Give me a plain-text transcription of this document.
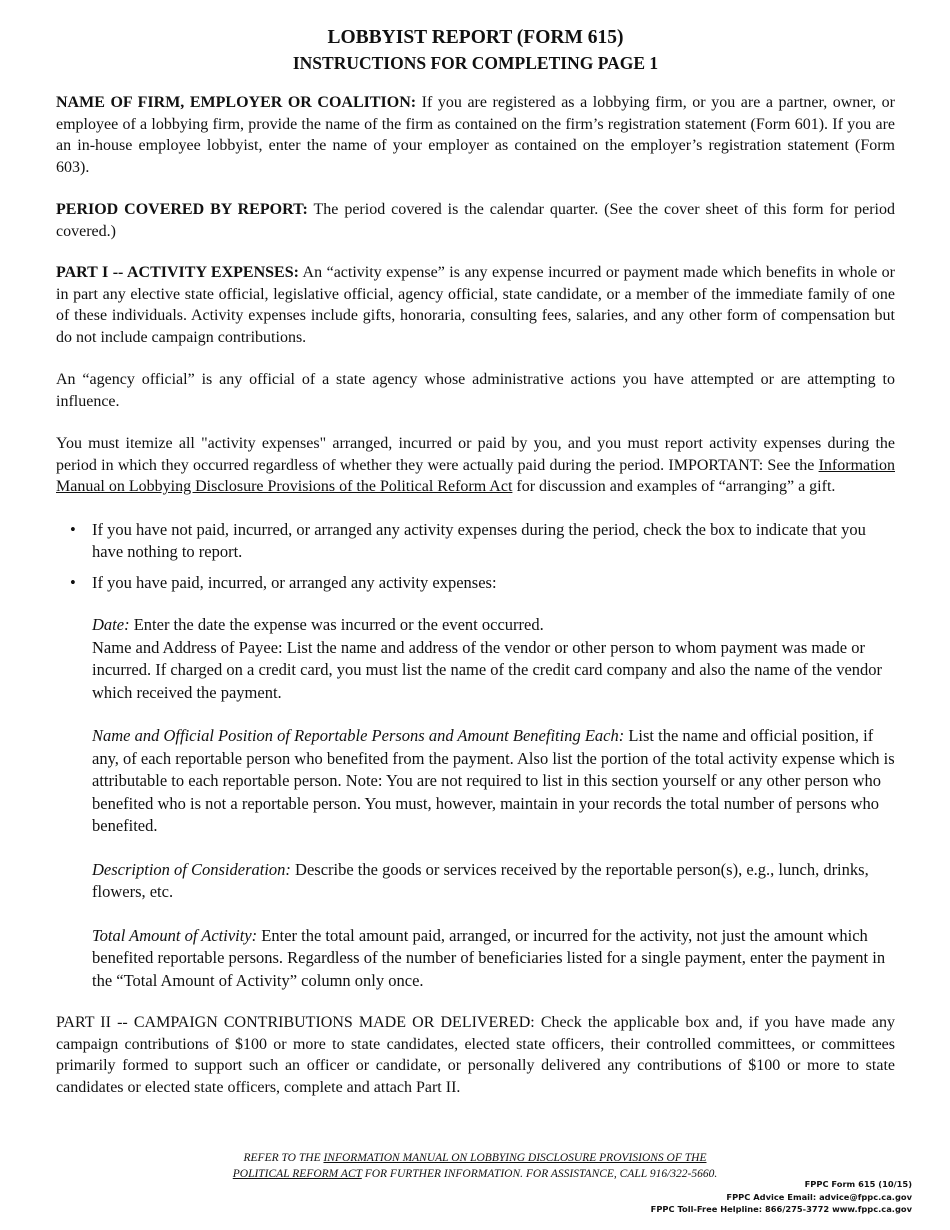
LOBBYIST REPORT (FORM 615)
INSTRUCTIONS FOR COMPLETING PAGE 1

NAME OF FIRM, EMPLOYER OR COALITION: If you are registered as a lobbying firm, or you are a partner, owner, or employee of a lobbying firm, provide the name of the firm as contained on the firm’s registration statement (Form 601). If you are an in-house employee lobbyist, enter the name of your employer as contained on the employer’s registration statement (Form 603).

PERIOD COVERED BY REPORT: The period covered is the calendar quarter. (See the cover sheet of this form for period covered.)

PART I -- ACTIVITY EXPENSES: An “activity expense” is any expense incurred or payment made which benefits in whole or in part any elective state official, legislative official, agency official, state candidate, or a member of the immediate family of one of these individuals. Activity expenses include gifts, honoraria, consulting fees, salaries, and any other form of compensation but do not include campaign contributions.

An “agency official” is any official of a state agency whose administrative actions you have attempted or are attempting to influence.

You must itemize all "activity expenses" arranged, incurred or paid by you, and you must report activity expenses during the period in which they occurred regardless of whether they were actually paid during the period. IMPORTANT: See the Information Manual on Lobbying Disclosure Provisions of the Political Reform Act for discussion and examples of “arranging” a gift.

• If you have not paid, incurred, or arranged any activity expenses during the period, check the box to indicate that you have nothing to report.
• If you have paid, incurred, or arranged any activity expenses:

Date: Enter the date the expense was incurred or the event occurred.

Name and Address of Payee: List the name and address of the vendor or other person to whom payment was made or incurred. If charged on a credit card, you must list the name of the credit card company and also the name of the vendor which received the payment.

Name and Official Position of Reportable Persons and Amount Benefiting Each: List the name and official position, if any, of each reportable person who benefited from the payment. Also list the portion of the total activity expense which is attributable to each reportable person. Note: You are not required to list in this section yourself or any other person who benefited who is not a reportable person. You must, however, maintain in your records the total number of persons who benefited.

Description of Consideration: Describe the goods or services received by the reportable person(s), e.g., lunch, drinks, flowers, etc.

Total Amount of Activity: Enter the total amount paid, arranged, or incurred for the activity, not just the amount which benefited reportable persons. Regardless of the number of beneficiaries listed for a single payment, enter the payment in the “Total Amount of Activity” column only once.

PART II -- CAMPAIGN CONTRIBUTIONS MADE OR DELIVERED: Check the applicable box and, if you have made any campaign contributions of $100 or more to state candidates, elected state officers, their controlled committees, or committees primarily formed to support such an officer or candidate, or personally delivered any contributions of $100 or more to state candidates or elected state officers, complete and attach Part II.

REFER TO THE INFORMATION MANUAL ON LOBBYING DISCLOSURE PROVISIONS OF THE
POLITICAL REFORM ACT FOR FURTHER INFORMATION. FOR ASSISTANCE, CALL 916/322-5660.
FPPC Form 615 (10/15)
FPPC Advice Email: advice@fppc.ca.gov
FPPC Toll-Free Helpline: 866/275-3772 www.fppc.ca.gov
